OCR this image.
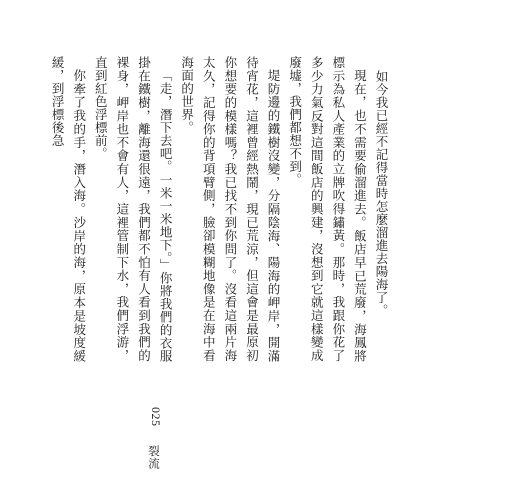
如今我已經不記得當時怎麼溜進去陽海了。

現在，也不需要偷溜進去。飯店早已荒廢，海鳳將標示為私人產業的立牌吹得鏽黃。那時，我跟你花了多少力氣反對這間飯店的興建，沒想到它就這樣變成廢墟，我們都想不到。

堤防邊的鐵樹沒變，分隔陰海、陽海的岬岸，開滿待宵花，這裡曾經熱鬧，現已荒涼，但這會是最原初你想要的模樣嗎？我已找不到你問了。沒看這兩片海太久，記得你的背項臂側，臉卻模糊地像是在海中看海面的世界。

「走，潛下去吧。一米一米地下。」你將我們的衣服掛在鐵樹，離海還很遠，我們都不怕有人看到我們的裸身，岬岸也不會有人，這裡管制下水，我們浮游，直到紅色浮標前。

你牽了我的手，潛入海。沙岸的海，原本是坡度緩緩，到浮標後急

025
裂流
